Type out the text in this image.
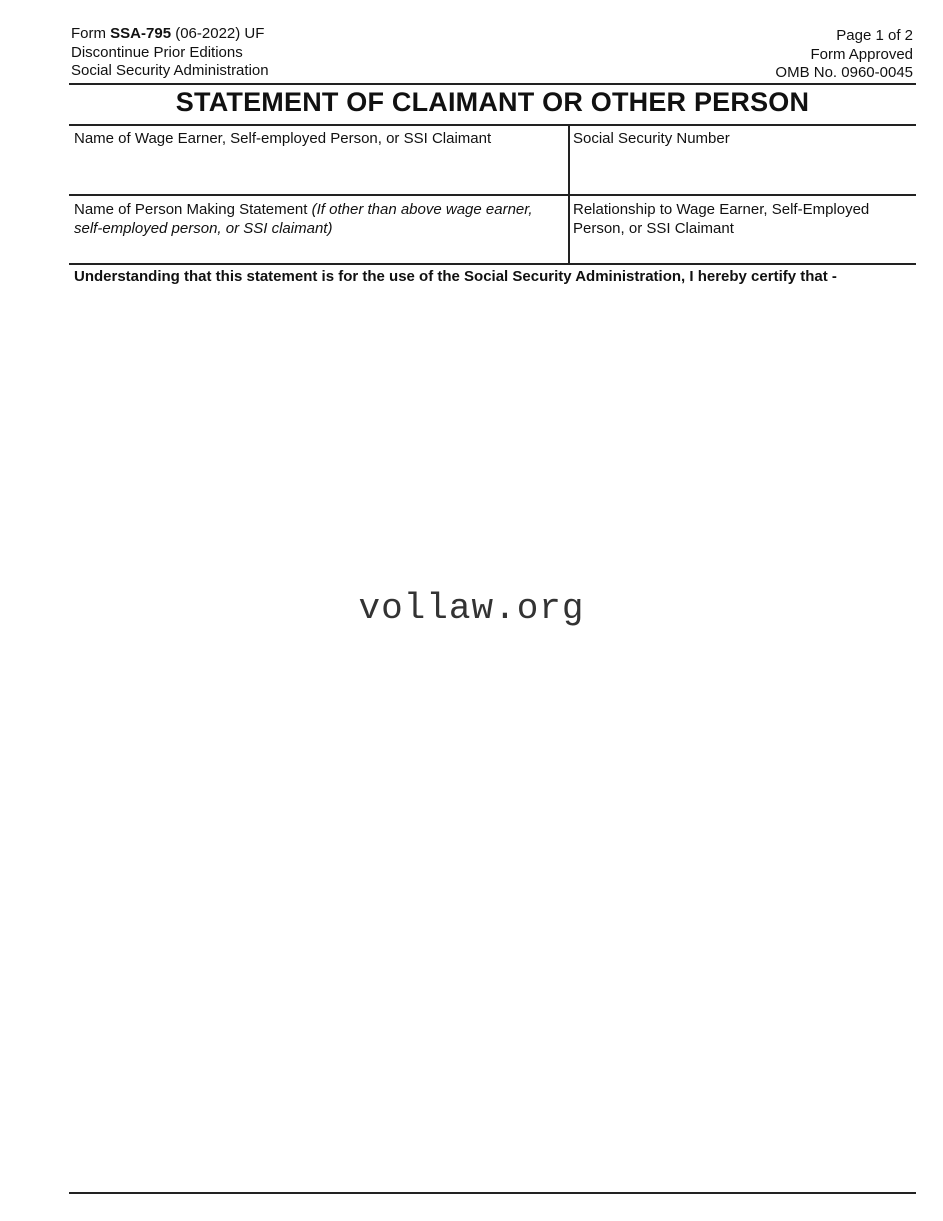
Form SSA-795 (06-2022) UF
Discontinue Prior Editions
Social Security Administration
Page 1 of 2
Form Approved
OMB No. 0960-0045
STATEMENT OF CLAIMANT OR OTHER PERSON
Name of Wage Earner, Self-employed Person, or SSI Claimant	Social Security Number
Name of Person Making Statement (If other than above wage earner, self-employed person, or SSI claimant)
Relationship to Wage Earner, Self-Employed Person, or SSI Claimant
Understanding that this statement is for the use of the Social Security Administration, I hereby certify that -
vollaw.org
